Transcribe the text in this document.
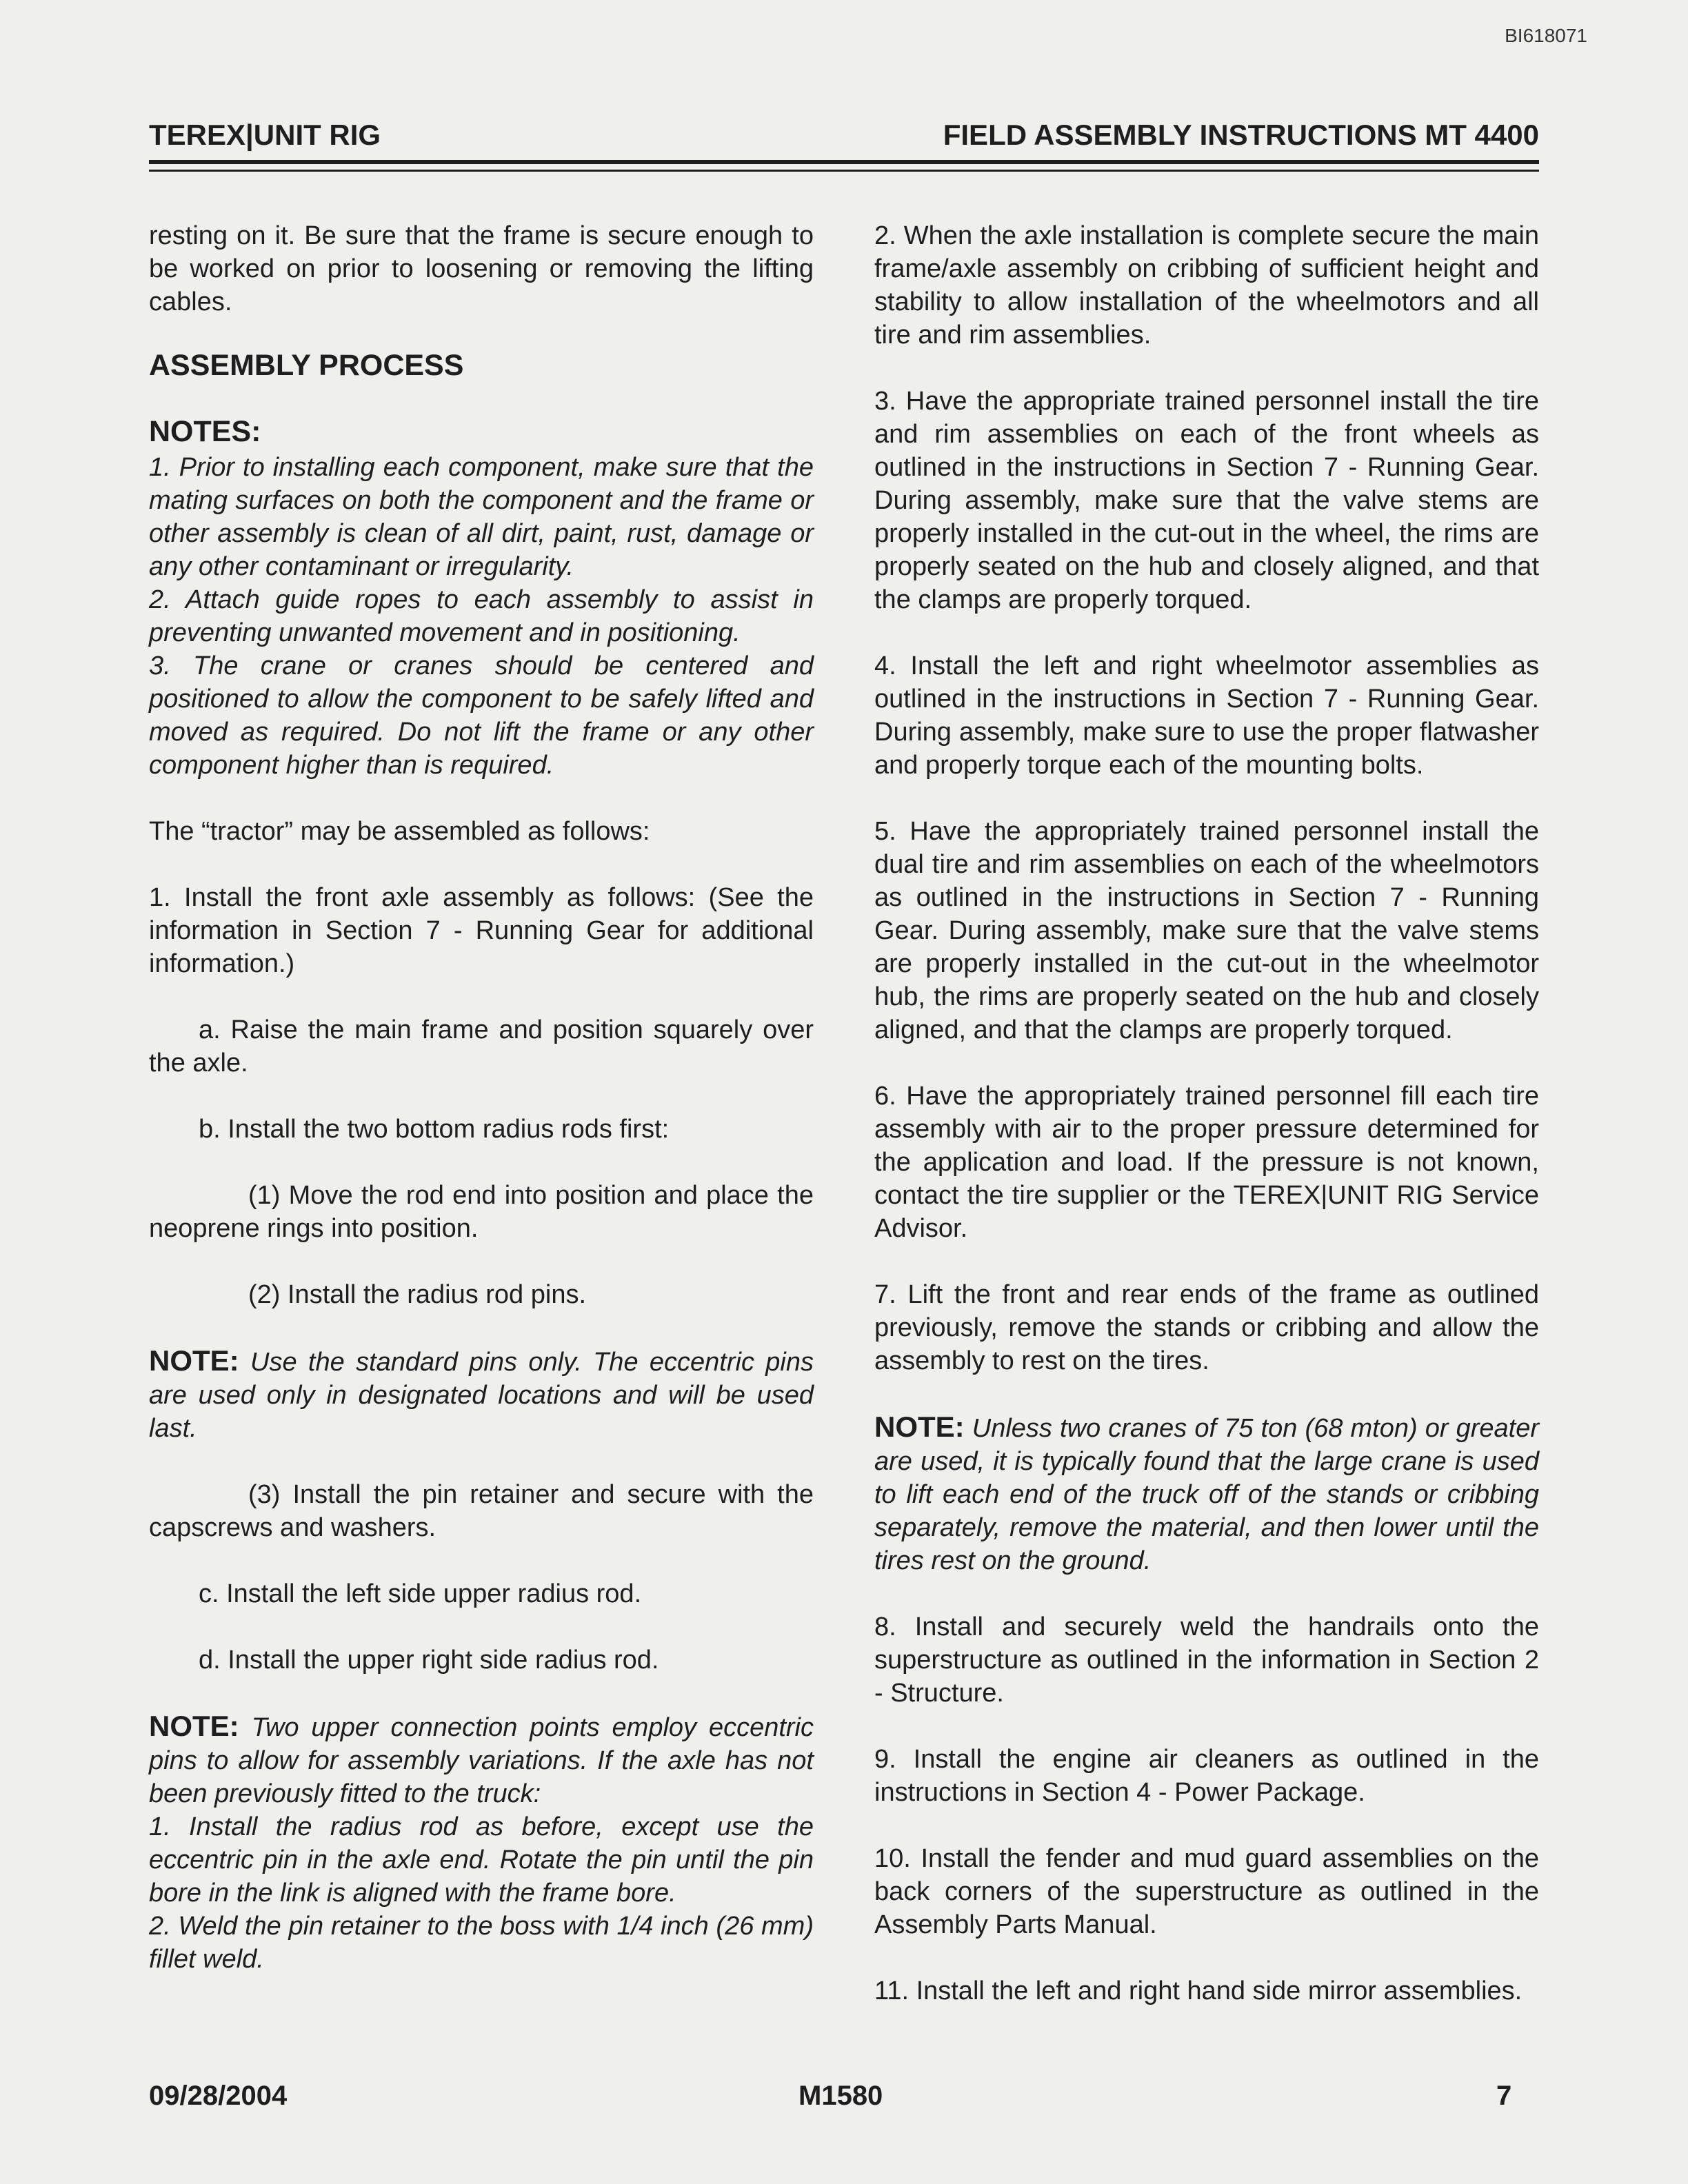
BI618071
TEREX|UNIT RIG	FIELD ASSEMBLY INSTRUCTIONS MT 4400

resting on it. Be sure that the frame is secure enough to be worked on prior to loosening or removing the lifting cables.

ASSEMBLY PROCESS

NOTES:

1. Prior to installing each component, make sure that the mating surfaces on both the component and the frame or other assembly is clean of all dirt, paint, rust, damage or any other contaminant or irregularity.

2. Attach guide ropes to each assembly to assist in preventing unwanted movement and in positioning.

3. The crane or cranes should be centered and positioned to allow the component to be safely lifted and moved as required. Do not lift the frame or any other component higher than is required.

The “tractor” may be assembled as follows:

1. Install the front axle assembly as follows: (See the information in Section 7 - Running Gear for additional information.)

a. Raise the main frame and position squarely over the axle.

b. Install the two bottom radius rods first:

(1) Move the rod end into position and place the neoprene rings into position.

(2) Install the radius rod pins.

NOTE: Use the standard pins only. The eccentric pins are used only in designated locations and will be used last.

(3) Install the pin retainer and secure with the capscrews and washers.

c. Install the left side upper radius rod.

d. Install the upper right side radius rod.

NOTE: Two upper connection points employ eccentric pins to allow for assembly variations. If the axle has not been previously fitted to the truck:

1. Install the radius rod as before, except use the eccentric pin in the axle end. Rotate the pin until the pin bore in the link is aligned with the frame bore.

2. Weld the pin retainer to the boss with 1/4 inch (26 mm) fillet weld.

2. When the axle installation is complete secure the main frame/axle assembly on cribbing of sufficient height and stability to allow installation of the wheelmotors and all tire and rim assemblies.

3. Have the appropriate trained personnel install the tire and rim assemblies on each of the front wheels as outlined in the instructions in Section 7 - Running Gear. During assembly, make sure that the valve stems are properly installed in the cut-out in the wheel, the rims are properly seated on the hub and closely aligned, and that the clamps are properly torqued.

4. Install the left and right wheelmotor assemblies as outlined in the instructions in Section 7 - Running Gear. During assembly, make sure to use the proper flatwasher and properly torque each of the mounting bolts.

5. Have the appropriately trained personnel install the dual tire and rim assemblies on each of the wheelmotors as outlined in the instructions in Section 7 - Running Gear. During assembly, make sure that the valve stems are properly installed in the cut-out in the wheelmotor hub, the rims are properly seated on the hub and closely aligned, and that the clamps are properly torqued.

6. Have the appropriately trained personnel fill each tire assembly with air to the proper pressure determined for the application and load. If the pressure is not known, contact the tire supplier or the TEREX|UNIT RIG Service Advisor.

7. Lift the front and rear ends of the frame as outlined previously, remove the stands or cribbing and allow the assembly to rest on the tires.

NOTE: Unless two cranes of 75 ton (68 mton) or greater are used, it is typically found that the large crane is used to lift each end of the truck off of the stands or cribbing separately, remove the material, and then lower until the tires rest on the ground.

8. Install and securely weld the handrails onto the superstructure as outlined in the information in Section 2 - Structure.

9. Install the engine air cleaners as outlined in the instructions in Section 4 - Power Package.

10. Install the fender and mud guard assemblies on the back corners of the superstructure as outlined in the Assembly Parts Manual.

11. Install the left and right hand side mirror assemblies.

09/28/2004	M1580	7
